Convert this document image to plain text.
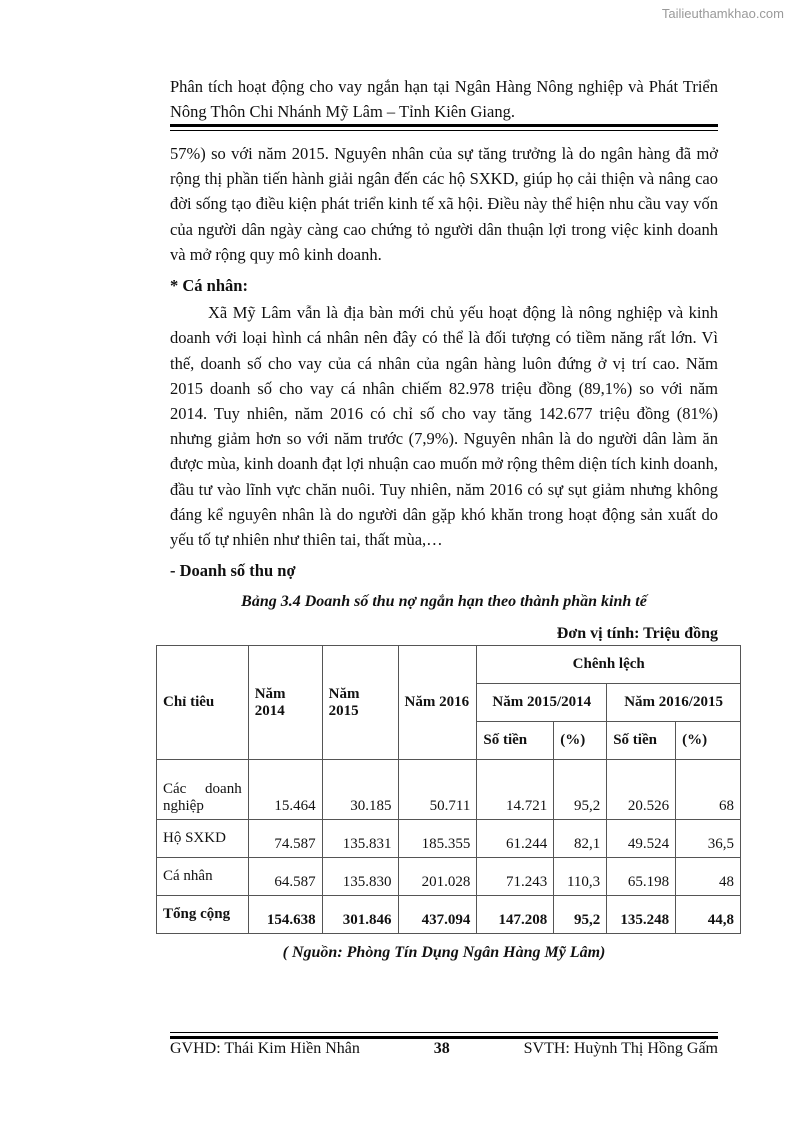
Tailieuthamkhao.com
Phân tích hoạt động cho vay ngắn hạn tại Ngân Hàng Nông nghiệp và Phát Triển Nông Thôn Chi Nhánh Mỹ Lâm – Tỉnh Kiên Giang.

57%) so với năm 2015. Nguyên nhân của sự tăng trưởng là do ngân hàng đã mở rộng thị phần tiến hành giải ngân đến các hộ SXKD, giúp họ cải thiện và nâng cao đời sống tạo điều kiện phát triển kinh tế xã hội. Điều này thể hiện nhu cầu vay vốn của người dân ngày càng cao chứng tỏ người dân thuận lợi trong việc kinh doanh và mở rộng quy mô kinh doanh.

* Cá nhân:

Xã Mỹ Lâm vẫn là địa bàn mới chủ yếu hoạt động là nông nghiệp và kinh doanh với loại hình cá nhân nên đây có thể là đối tượng có tiềm năng rất lớn. Vì thế, doanh số cho vay của cá nhân của ngân hàng luôn đứng ở vị trí cao. Năm 2015 doanh số cho vay cá nhân chiếm 82.978 triệu đồng (89,1%) so với năm 2014. Tuy nhiên, năm 2016 có chỉ số cho vay tăng 142.677 triệu đồng (81%) nhưng giảm hơn so với năm trước (7,9%). Nguyên nhân là do người dân làm ăn được mùa, kinh doanh đạt lợi nhuận cao muốn mở rộng thêm diện tích kinh doanh, đầu tư vào lĩnh vực chăn nuôi. Tuy nhiên, năm 2016 có sự sụt giảm nhưng không đáng kể nguyên nhân là do người dân gặp khó khăn trong hoạt động sản xuất do yếu tố tự nhiên như thiên tai, thất mùa,…

- Doanh số thu nợ

Bảng 3.4 Doanh số thu nợ ngắn hạn theo thành phần kinh tế

Đơn vị tính: Triệu đồng

Chỉ tiêu	Năm 2014	Năm 2015	Năm 2016	Chênh lệch			
				Năm 2015/2014		Năm 2016/2015	
				Số tiền	(%)	Số tiền	(%)
Các doanh nghiệp	15.464	30.185	50.711	14.721	95,2	20.526	68
Hộ SXKD	74.587	135.831	185.355	61.244	82,1	49.524	36,5
Cá nhân	64.587	135.830	201.028	71.243	110,3	65.198	48
Tổng cộng	154.638	301.846	437.094	147.208	95,2	135.248	44,8
( Nguồn: Phòng Tín Dụng Ngân Hàng Mỹ Lâm)
GVHD: Thái Kim Hiền Nhân	38	SVTH: Huỳnh Thị Hồng Gấm
